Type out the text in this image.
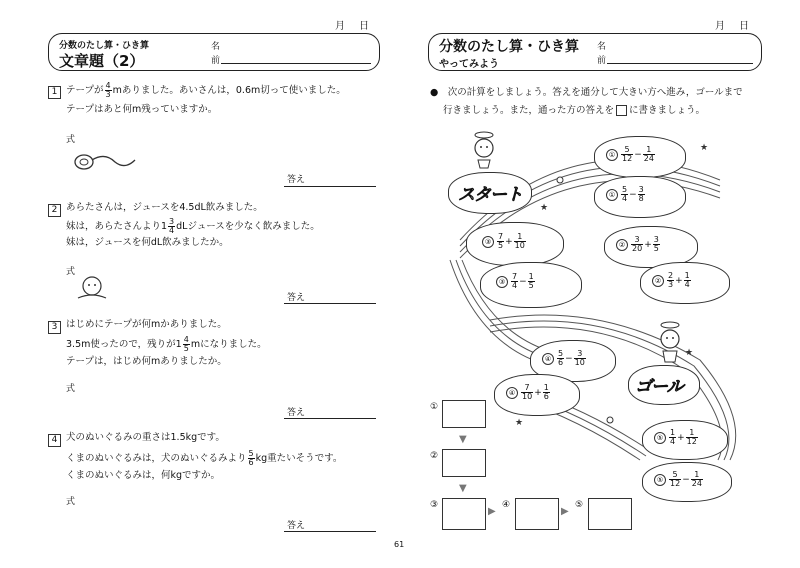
月　日
分数のたし算・ひき算
文章題（2）
名
前
1 テープが $\frac{4}{3}$ mありました。あいさんは，0.6m切って使いました。
テープはあと何m残っていますか。
式
答え
2 あらたさんは，ジュースを4.5dL飲みました。
妹は，あらたさんより$1 \frac{3}{4}$ dLジュースを少なく飲みました。
妹は，ジュースを何dL飲みましたか。
式
答え
3 はじめにテープが何mかありました。
3.5m使ったので，残りが$1 \frac{4}{5}$ mになりました。
テープは，はじめ何mありましたか。
式
答え
4 犬のぬいぐるみの重さは1.5kgです。
くまのぬいぐるみは，犬のぬいぐるみより $\frac{5}{6}$ kg重たいそうです。
くまのぬいぐるみは，何kgですか。
式
答え
61
月　日
分数のたし算・ひき算
やってみよう
名
前
●　次の計算をしましょう。答えを通分して大きい方へ進み，ゴールまで
行きましょう。また，通った方の答えを に書きましょう。
★
★
★
★
スタート
ゴール
① $\frac{5}{12} - \frac{1}{24}$
① $\frac{5}{4} - \frac{3}{8}$
③ $\frac{7}{5} + \frac{1}{10}$	② $\frac{3}{20} + \frac{3}{5}$
③ $\frac{7}{4} - \frac{1}{5}$	② $\frac{2}{3} + \frac{1}{4}$
④ $\frac{5}{6} - \frac{3}{10}$
④ $\frac{7}{10} + \frac{1}{6}$
⑤ $\frac{1}{4} + \frac{1}{12}$
⑤ $\frac{5}{12} - \frac{1}{24}$
①
▼
②
▼
③
▶
④
▶
⑤
